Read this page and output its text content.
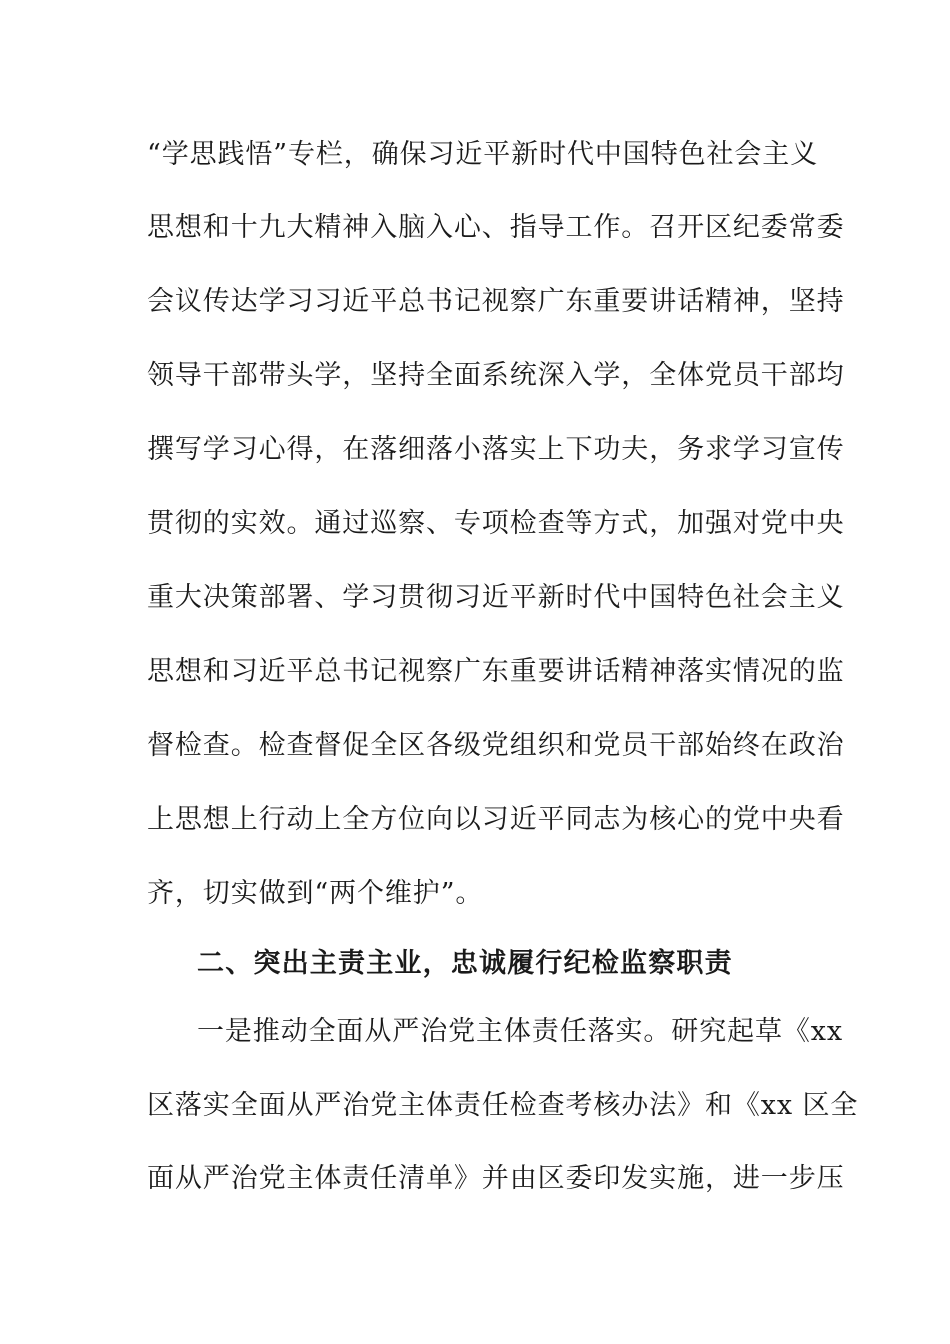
“学思践悟”专栏，确保习近平新时代中国特色社会主义
思想和十九大精神入脑入心、指导工作。召开区纪委常委
会议传达学习习近平总书记视察广东重要讲话精神，坚持
领导干部带头学，坚持全面系统深入学，全体党员干部均
撰写学习心得，在落细落小落实上下功夫，务求学习宣传
贯彻的实效。通过巡察、专项检查等方式，加强对党中央
重大决策部署、学习贯彻习近平新时代中国特色社会主义
思想和习近平总书记视察广东重要讲话精神落实情况的监
督检查。检查督促全区各级党组织和党员干部始终在政治
上思想上行动上全方位向以习近平同志为核心的党中央看
齐，切实做到“两个维护”。
二、突出主责主业，忠诚履行纪检监察职责
一是推动全面从严治党主体责任落实。研究起草《xx
区落实全面从严治党主体责任检查考核办法》和《xx 区全
面从严治党主体责任清单》并由区委印发实施，进一步压
